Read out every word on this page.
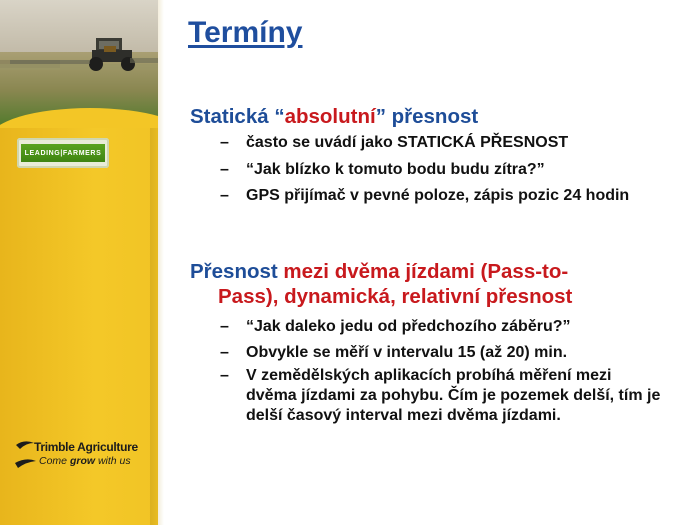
LEADING|FARMERS
Trimble Agriculture
Come grow with us
Termíny
Statická “absolutní” přesnost
– často se uvádí jako STATICKÁ PŘESNOST
– “Jak blízko k tomuto bodu budu zítra?”
– GPS přijímač v pevné poloze, zápis pozic 24 hodin
Přesnost mezi dvěma jízdami (Pass-to-
Pass), dynamická, relativní přesnost
– “Jak daleko jedu od předchozího záběru?”
– Obvykle se měří v intervalu 15 (až 20) min.
– V zemědělských aplikacích probíhá měření mezi dvěma jízdami za pohybu. Čím je pozemek delší, tím je delší časový interval mezi dvěma jízdami.
